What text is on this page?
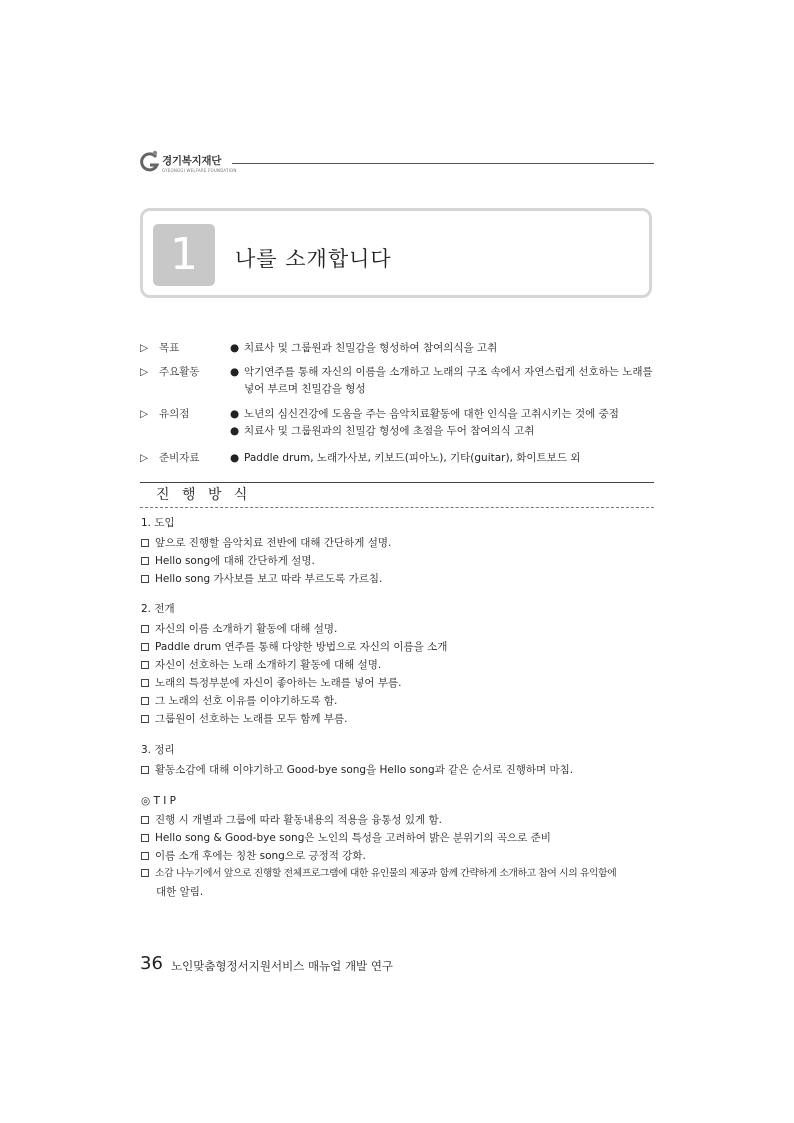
경기복지재단
GYEONGGI WELFARE FOUNDATION
1	나를 소개합니다
▷ 목표	● 치료사 및 그룹원과 친밀감을 형성하여 참여의식을 고취
▷ 주요활동	● 악기연주를 통해 자신의 이름을 소개하고 노래의 구조 속에서 자연스럽게 선호하는 노래를 넣어 부르며 친밀감을 형성
▷ 유의점	● 노년의 심신건강에 도움을 주는 음악치료활동에 대한 인식을 고취시키는 것에 중점
● 치료사 및 그룹원과의 친밀감 형성에 초점을 두어 참여의식 고취
▷ 준비자료	● Paddle drum, 노래가사보, 키보드(피아노), 기타(guitar), 화이트보드 외
진 행 방 식
1. 도입
앞으로 진행할 음악치료 전반에 대해 간단하게 설명.
Hello song에 대해 간단하게 설명.
Hello song 가사보를 보고 따라 부르도록 가르침.
2. 전개
자신의 이름 소개하기 활동에 대해 설명.
Paddle drum 연주를 통해 다양한 방법으로 자신의 이름을 소개
자신이 선호하는 노래 소개하기 활동에 대해 설명.
노래의 특정부분에 자신이 좋아하는 노래를 넣어 부름.
그 노래의 선호 이유를 이야기하도록 함.
그룹원이 선호하는 노래를 모두 함께 부름.
3. 정리
활동소감에 대해 이야기하고 Good-bye song을 Hello song과 같은 순서로 진행하며 마침.
◎ T I P
진행 시 개별과 그룹에 따라 활동내용의 적용을 융통성 있게 함.
Hello song & Good-bye song은 노인의 특성을 고려하여 밝은 분위기의 곡으로 준비
이름 소개 후에는 칭찬 song으로 긍정적 강화.
소감 나누기에서 앞으로 진행할 전체프로그램에 대한 유인물의 제공과 함께 간략하게 소개하고 참여 시의 유익함에
대한 알림.
36 노인맞춤형정서지원서비스 매뉴얼 개발 연구
